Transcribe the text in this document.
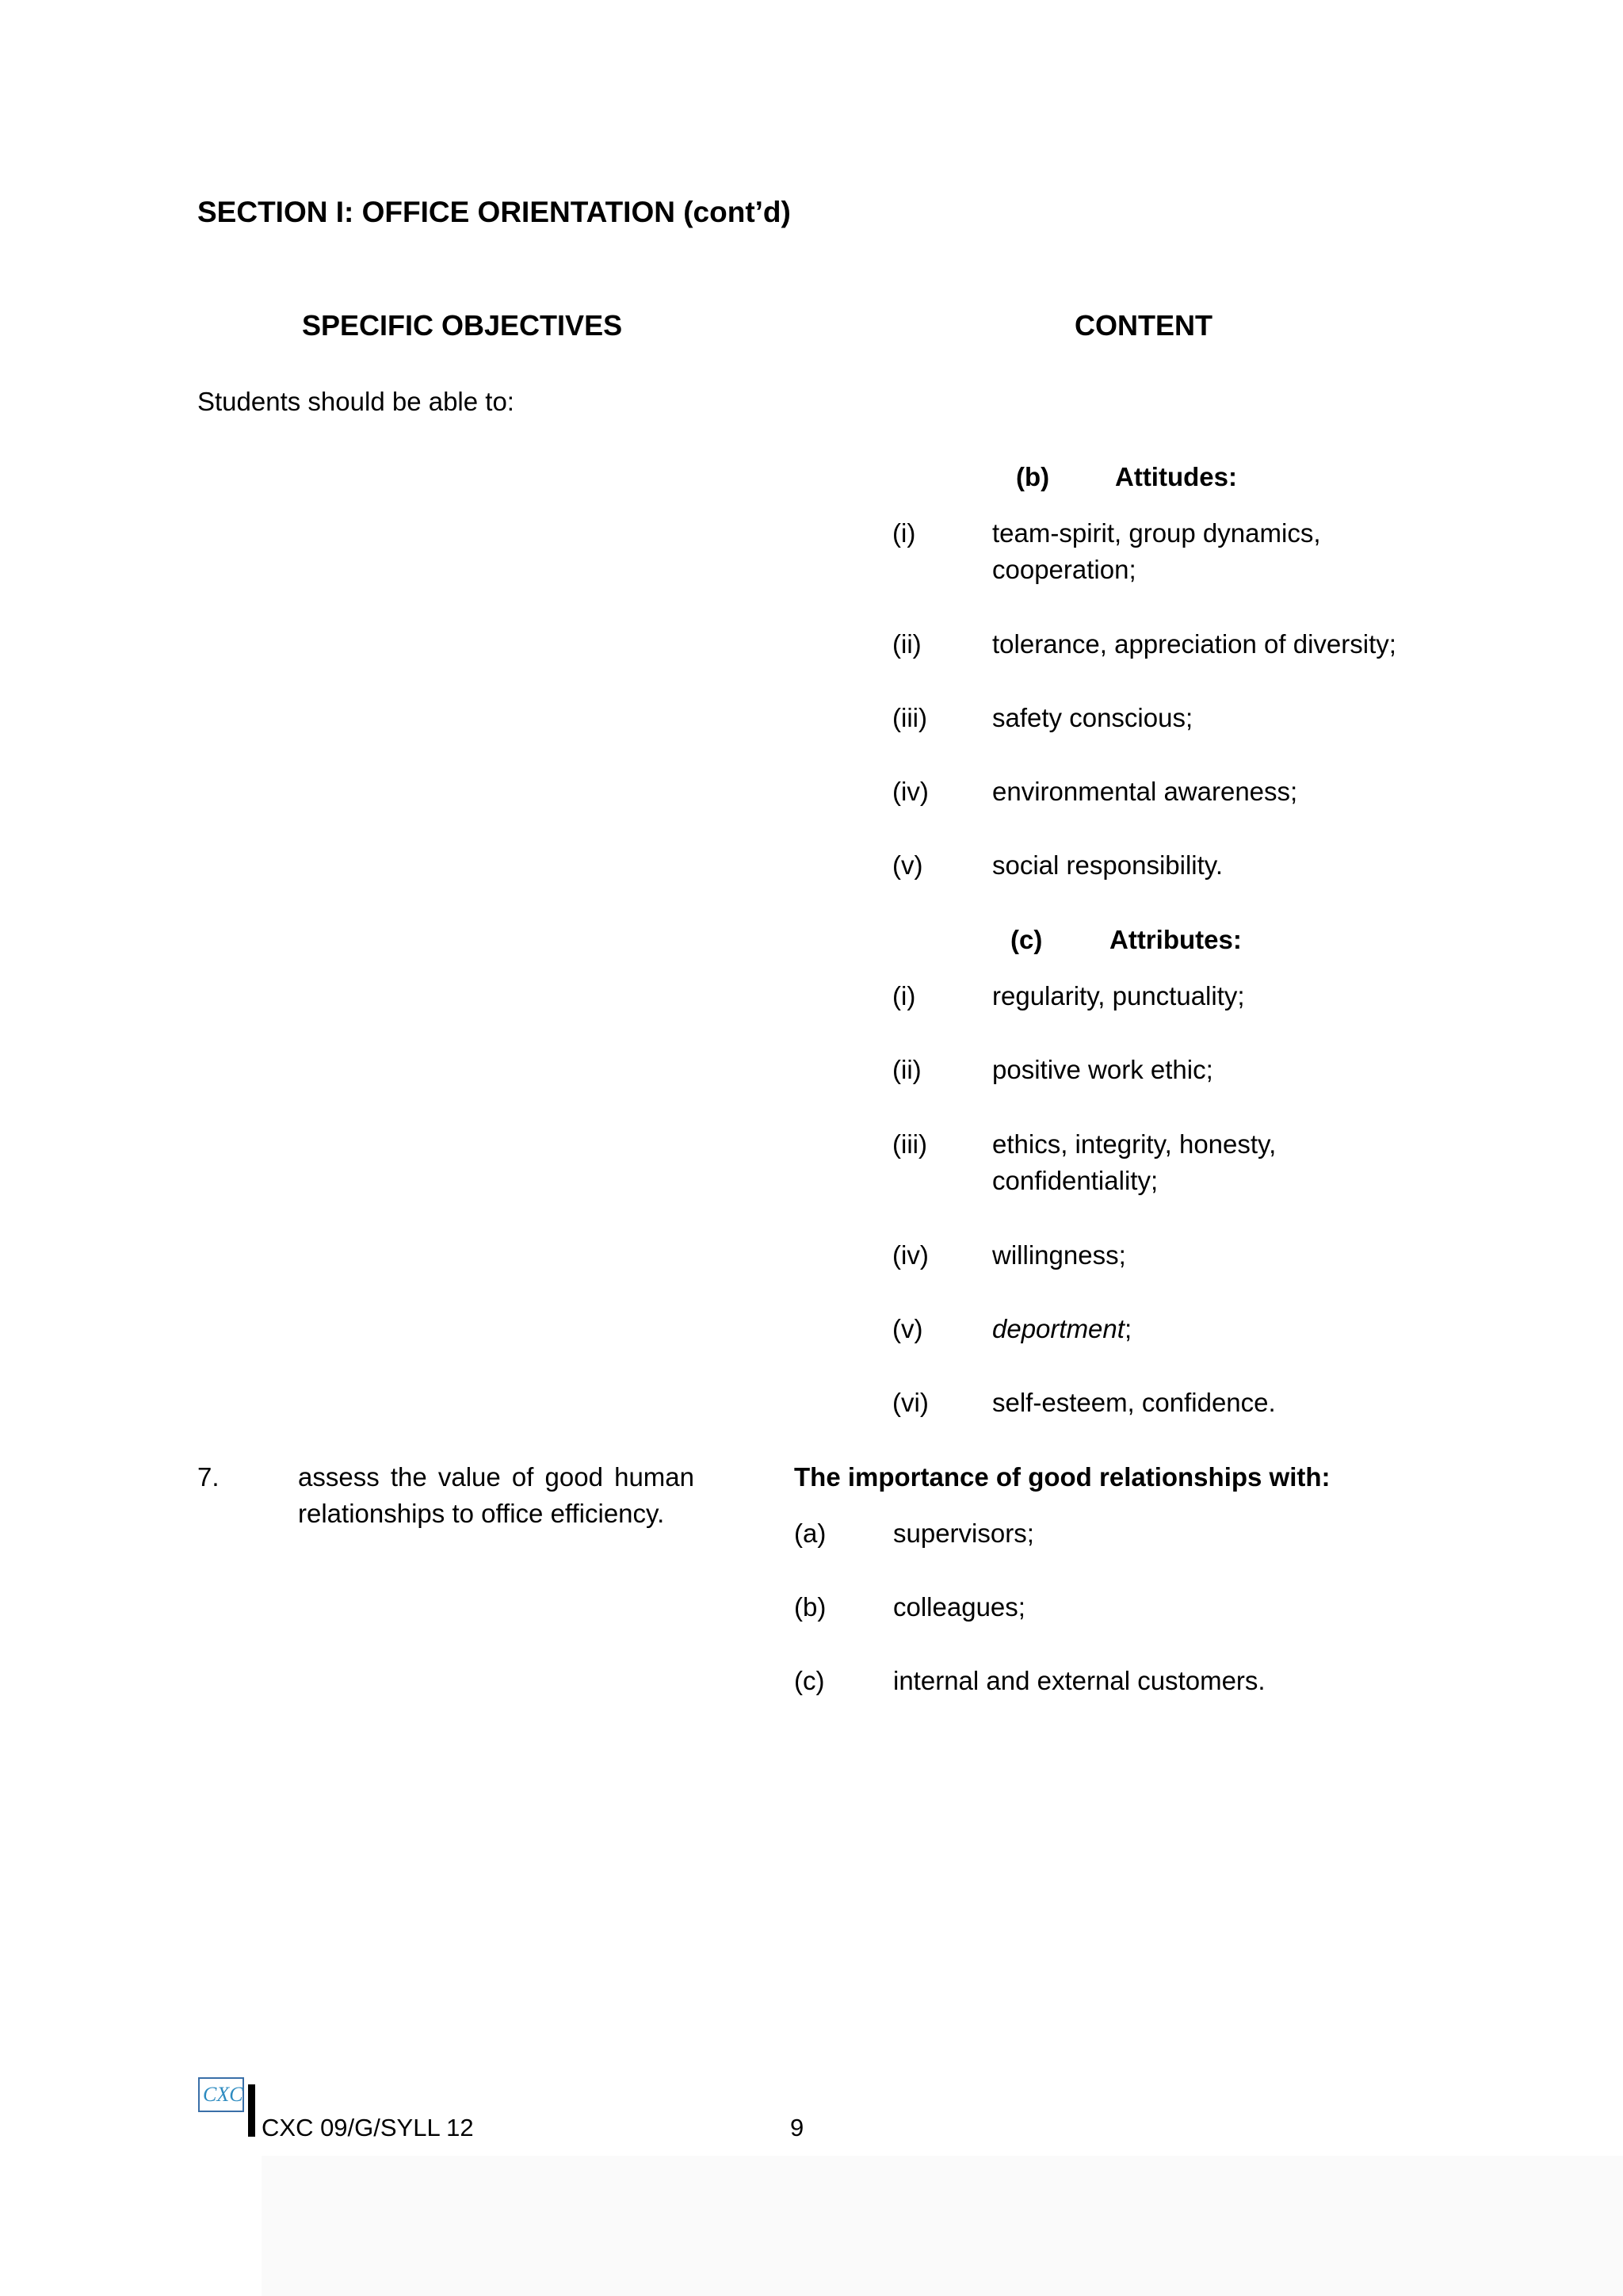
SECTION I: OFFICE ORIENTATION (cont’d)
SPECIFIC OBJECTIVES	CONTENT
Students should be able to:
(b)	Attitudes:
(i)	team-spirit, group dynamics,
cooperation;
(ii)	tolerance, appreciation of diversity;
(iii) safety conscious;
(iv) environmental awareness;
(v)	social responsibility.
(c)	Attributes:
(i)	regularity, punctuality;
(ii)	positive work ethic;
(iii) ethics, integrity, honesty,
confidentiality;
(iv) willingness;
(v)	deportment;
(vi) self-esteem, confidence.
7.	assess the value of good human relationships to office efficiency.
The importance of good relationships with:
(a)	supervisors;
(b)	colleagues;
(c)	internal and external customers.
CXC
CXC 09/G/SYLL 12	9
